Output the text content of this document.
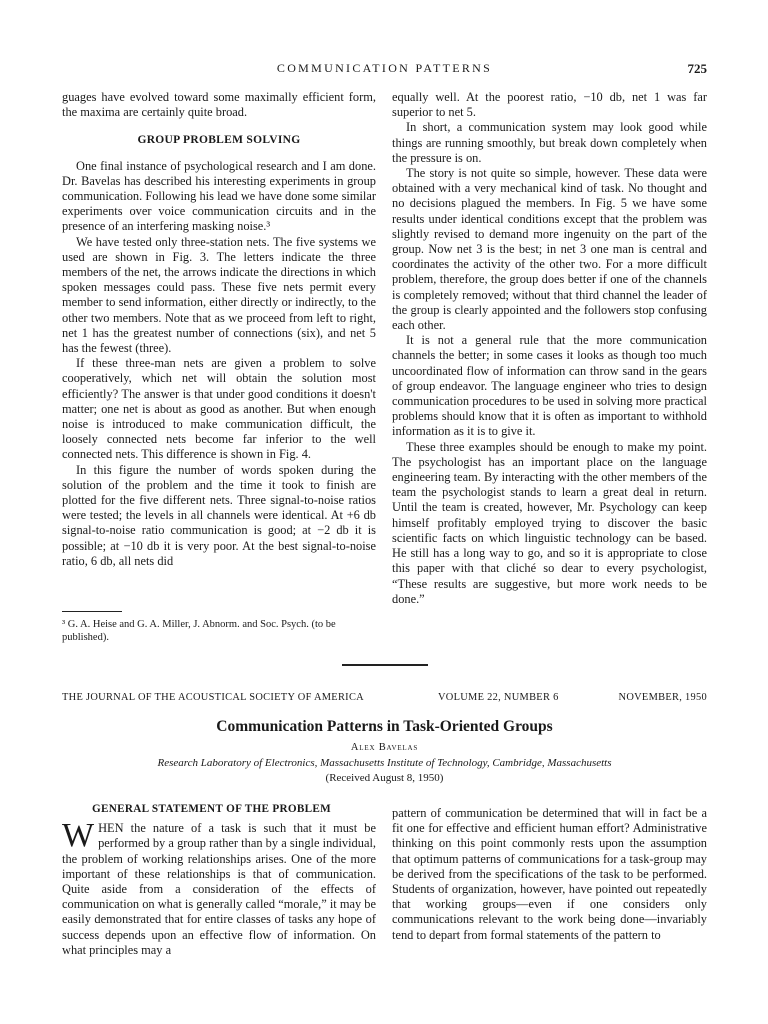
COMMUNICATION PATTERNS	725

guages have evolved toward some maximally efficient form, the maxima are certainly quite broad.

GROUP PROBLEM SOLVING

One final instance of psychological research and I am done. Dr. Bavelas has described his interesting experiments in group communication. Following his lead we have done some similar experiments over voice communication circuits and in the presence of an interfering masking noise.³

We have tested only three-station nets. The five systems we used are shown in Fig. 3. The letters indicate the three members of the net, the arrows indicate the directions in which spoken messages could pass. These five nets permit every member to send information, either directly or indirectly, to the other two members. Note that as we proceed from left to right, net 1 has the greatest number of connections (six), and net 5 has the fewest (three).

If these three-man nets are given a problem to solve cooperatively, which net will obtain the solution most efficiently? The answer is that under good conditions it doesn't matter; one net is about as good as another. But when enough noise is introduced to make communication difficult, the loosely connected nets become far inferior to the well connected nets. This difference is shown in Fig. 4.

In this figure the number of words spoken during the solution of the problem and the time it took to finish are plotted for the five different nets. Three signal-to-noise ratios were tested; the levels in all channels were identical. At +6 db signal-to-noise ratio communication is good; at −2 db it is possible; at −10 db it is very poor. At the best signal-to-noise ratio, 6 db, all nets did

³ G. A. Heise and G. A. Miller, J. Abnorm. and Soc. Psych. (to be published).

equally well. At the poorest ratio, −10 db, net 1 was far superior to net 5.

In short, a communication system may look good while things are running smoothly, but break down completely when the pressure is on.

The story is not quite so simple, however. These data were obtained with a very mechanical kind of task. No thought and no decisions plagued the members. In Fig. 5 we have some results under identical conditions except that the problem was slightly revised to demand more ingenuity on the part of the group. Now net 3 is the best; in net 3 one man is central and coordinates the activity of the other two. For a more difficult problem, therefore, the group does better if one of the channels is completely removed; without that third channel the leader of the group is clearly appointed and the followers stop confusing each other.

It is not a general rule that the more communication channels the better; in some cases it looks as though too much uncoordinated flow of information can throw sand in the gears of group endeavor. The language engineer who tries to design communication procedures to be used in solving more practical problems should know that it is often as important to withhold information as it is to give it.

These three examples should be enough to make my point. The psychologist has an important place on the language engineering team. By interacting with the other members of the team the psychologist stands to learn a great deal in return. Until the team is created, however, Mr. Psychology can keep himself profitably employed trying to discover the basic scientific facts on which linguistic technology can be based. He still has a long way to go, and so it is appropriate to close this paper with that cliché so dear to every psychologist, “These results are suggestive, but more work needs to be done.”

THE JOURNAL OF THE ACOUSTICAL SOCIETY OF AMERICA	VOLUME 22, NUMBER 6	NOVEMBER, 1950
Communication Patterns in Task-Oriented Groups
Alex Bavelas
Research Laboratory of Electronics, Massachusetts Institute of Technology, Cambridge, Massachusetts
(Received August 8, 1950)
GENERAL STATEMENT OF THE PROBLEM

WHEN the nature of a task is such that it must be performed by a group rather than by a single individual, the problem of working relationships arises. One of the more important of these relationships is that of communication. Quite aside from a consideration of the effects of communication on what is generally called “morale,” it may be easily demonstrated that for entire classes of tasks any hope of success depends upon an effective flow of information. On what principles may a

pattern of communication be determined that will in fact be a fit one for effective and efficient human effort? Administrative thinking on this point commonly rests upon the assumption that optimum patterns of communications for a task-group may be derived from the specifications of the task to be performed. Students of organization, however, have pointed out repeatedly that working groups—even if one considers only communications relevant to the work being done—invariably tend to depart from formal statements of the pattern to
